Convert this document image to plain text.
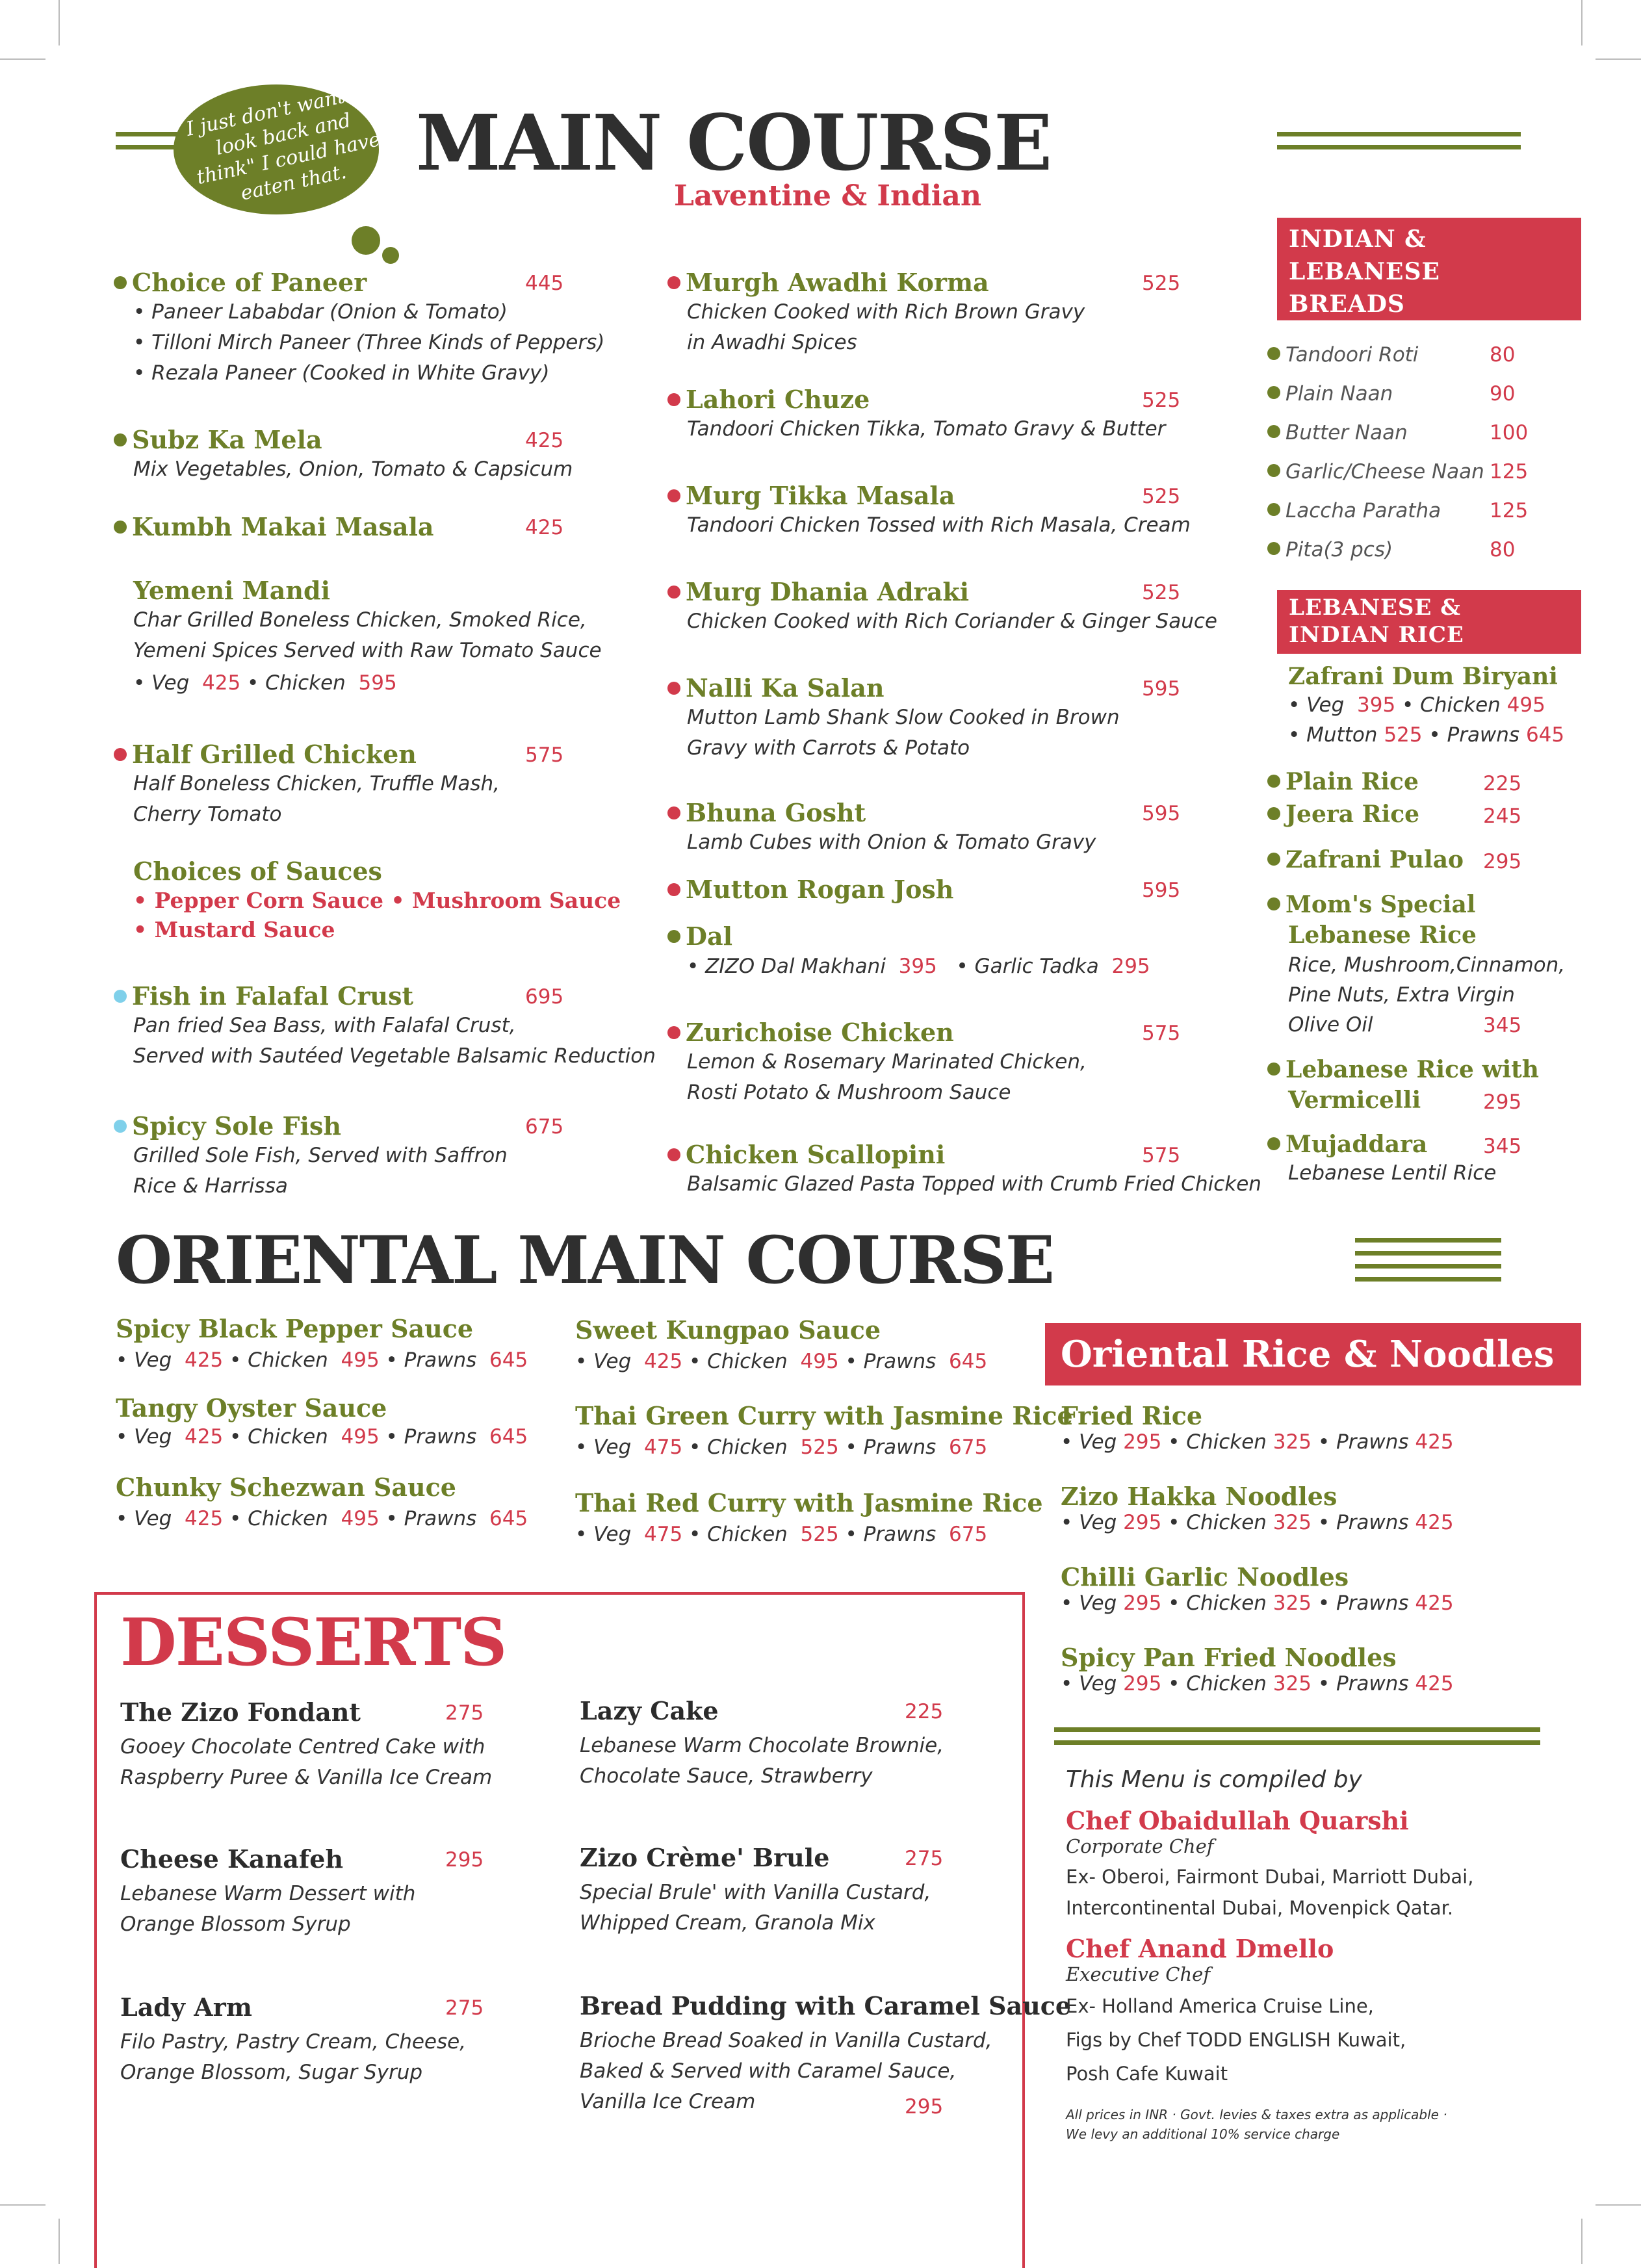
I just don't want to look back and think" I could have eaten that. MAIN COURSE
Laventine & Indian
Choice of Paneer	445
• Paneer Lababdar (Onion & Tomato)
• Tilloni Mirch Paneer (Three Kinds of Peppers)
• Rezala Paneer (Cooked in White Gravy)
Subz Ka Mela	425
Mix Vegetables, Onion, Tomato & Capsicum
Kumbh Makai Masala	425
Yemeni Mandi
Char Grilled Boneless Chicken, Smoked Rice,
Yemeni Spices Served with Raw Tomato Sauce
• Veg 425 • Chicken 595
Half Grilled Chicken	575
Half Boneless Chicken, Truffle Mash,
Cherry Tomato
Choices of Sauces
• Pepper Corn Sauce • Mushroom Sauce
• Mustard Sauce
Fish in Falafal Crust	695
Pan fried Sea Bass, with Falafal Crust,
Served with Sautéed Vegetable Balsamic Reduction
Spicy Sole Fish	675
Grilled Sole Fish, Served with Saffron
Rice & Harrissa
Murgh Awadhi Korma	525
Chicken Cooked with Rich Brown Gravy
in Awadhi Spices
Lahori Chuze	525
Tandoori Chicken Tikka, Tomato Gravy & Butter
Murg Tikka Masala	525
Tandoori Chicken Tossed with Rich Masala, Cream
Murg Dhania Adraki	525
Chicken Cooked with Rich Coriander & Ginger Sauce
Nalli Ka Salan	595
Mutton Lamb Shank Slow Cooked in Brown
Gravy with Carrots & Potato
Bhuna Gosht	595
Lamb Cubes with Onion & Tomato Gravy
Mutton Rogan Josh	595
Dal
• ZIZO Dal Makhani 395 • Garlic Tadka 295
Zurichoise Chicken	575
Lemon & Rosemary Marinated Chicken,
Rosti Potato & Mushroom Sauce
Chicken Scallopini	575
Balsamic Glazed Pasta Topped with Crumb Fried Chicken
INDIAN &
LEBANESE
BREADS
Tandoori Roti	80
Plain Naan	90
Butter Naan	100
Garlic/Cheese Naan 125
Laccha Paratha 125
Pita(3 pcs)	80
LEBANESE &
INDIAN RICE
Zafrani Dum Biryani
• Veg 395 • Chicken 495
• Mutton 525 • Prawns 645
Plain Rice	225
Jeera Rice	245
Zafrani Pulao 295
Mom's Special
Lebanese Rice
Rice, Mushroom,Cinnamon,
Pine Nuts, Extra Virgin
Olive Oil	345
Lebanese Rice with
Vermicelli	295
Mujaddara	345
Lebanese Lentil Rice
ORIENTAL MAIN COURSE
Spicy Black Pepper Sauce
• Veg 425 • Chicken 495 • Prawns 645
Tangy Oyster Sauce
• Veg 425 • Chicken 495 • Prawns 645
Chunky Schezwan Sauce
• Veg 425 • Chicken 495 • Prawns 645
Sweet Kungpao Sauce
• Veg 425 • Chicken 495 • Prawns 645
Thai Green Curry with Jasmine Rice
• Veg 475 • Chicken 525 • Prawns 675
Thai Red Curry with Jasmine Rice
• Veg 475 • Chicken 525 • Prawns 675
Oriental Rice & Noodles
Fried Rice
• Veg 295 • Chicken 325 • Prawns 425
Zizo Hakka Noodles
• Veg 295 • Chicken 325 • Prawns 425
Chilli Garlic Noodles
• Veg 295 • Chicken 325 • Prawns 425
Spicy Pan Fried Noodles
• Veg 295 • Chicken 325 • Prawns 425
DESSERTS
The Zizo Fondant	275
Gooey Chocolate Centred Cake with
Raspberry Puree & Vanilla Ice Cream
Lazy Cake	225
Lebanese Warm Chocolate Brownie,
Chocolate Sauce, Strawberry
Cheese Kanafeh	295
Lebanese Warm Dessert with
Orange Blossom Syrup
Zizo Crème' Brule	275
Special Brule' with Vanilla Custard,
Whipped Cream, Granola Mix
Lady Arm	275
Filo Pastry, Pastry Cream, Cheese,
Orange Blossom, Sugar Syrup
Bread Pudding with Caramel Sauce
Brioche Bread Soaked in Vanilla Custard,
Baked & Served with Caramel Sauce,
Vanilla Ice Cream	295
This Menu is compiled by
Chef Obaidullah Quarshi
Corporate Chef
Ex- Oberoi, Fairmont Dubai, Marriott Dubai,
Intercontinental Dubai, Movenpick Qatar.
Chef Anand Dmello
Executive Chef
Ex- Holland America Cruise Line,
Figs by Chef TODD ENGLISH Kuwait,
Posh Cafe Kuwait
All prices in INR · Govt. levies & taxes extra as applicable ·
We levy an additional 10% service charge
